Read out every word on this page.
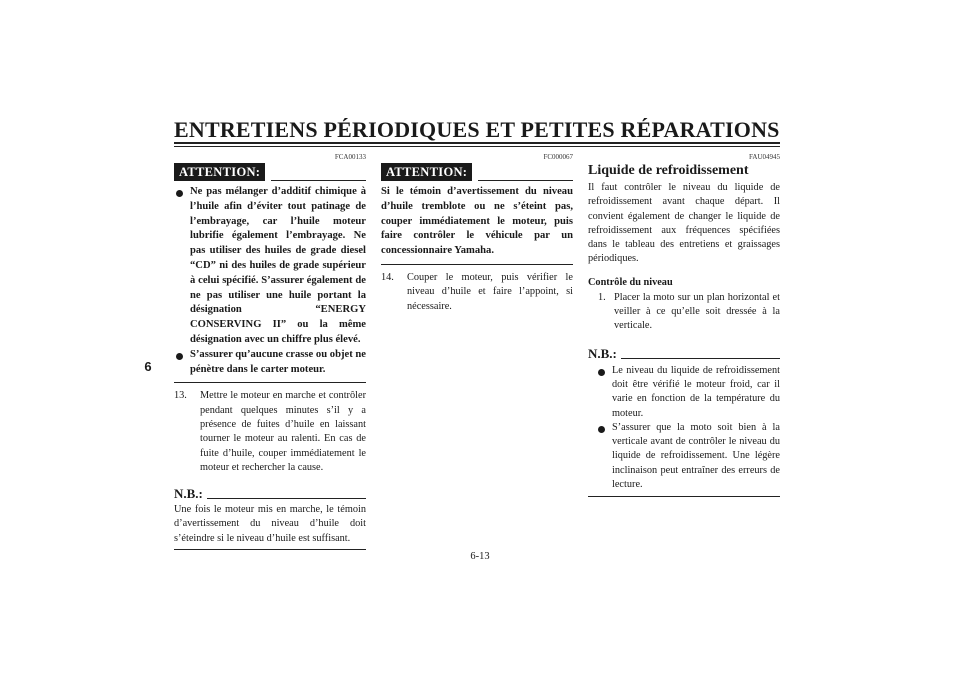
ENTRETIENS PÉRIODIQUES ET PETITES RÉPARATIONS
6
FCA00133
ATTENTION:
Ne pas mélanger d’additif chimique à l’huile afin d’éviter tout patinage de l’embrayage, car l’huile moteur lubrifie également l’embrayage. Ne pas utiliser des huiles de grade diesel “CD” ni des huiles de grade supérieur à celui spécifié. S’assurer également de ne pas utiliser une huile portant la désignation “ENERGY CONSERVING II” ou la même désignation avec un chiffre plus élevé.
S’assurer qu’aucune crasse ou objet ne pénètre dans le carter moteur.
13. Mettre le moteur en marche et contrôler pendant quelques minutes s’il y a présence de fuites d’huile en laissant tourner le moteur au ralenti. En cas de fuite d’huile, couper immédiatement le moteur et rechercher la cause.
N.B.:
Une fois le moteur mis en marche, le témoin d’avertissement du niveau d’huile doit s’éteindre si le niveau d’huile est suffisant.
FC000067
ATTENTION:
Si le témoin d’avertissement du niveau d’huile tremblote ou ne s’éteint pas, couper immédiatement le moteur, puis faire contrôler le véhicule par un concessionnaire Yamaha.
14. Couper le moteur, puis vérifier le niveau d’huile et faire l’appoint, si nécessaire.
FAU04945
Liquide de refroidissement
Il faut contrôler le niveau du liquide de refroidissement avant chaque départ. Il convient également de changer le liquide de refroidissement aux fréquences spécifiées dans le tableau des entretiens et graissages périodiques.
Contrôle du niveau
1. Placer la moto sur un plan horizontal et veiller à ce qu’elle soit dressée à la verticale.
N.B.:
Le niveau du liquide de refroidissement doit être vérifié le moteur froid, car il varie en fonction de la température du moteur.
S’assurer que la moto soit bien à la verticale avant de contrôler le niveau du liquide de refroidissement. Une légère inclinaison peut entraîner des erreurs de lecture.
6-13
